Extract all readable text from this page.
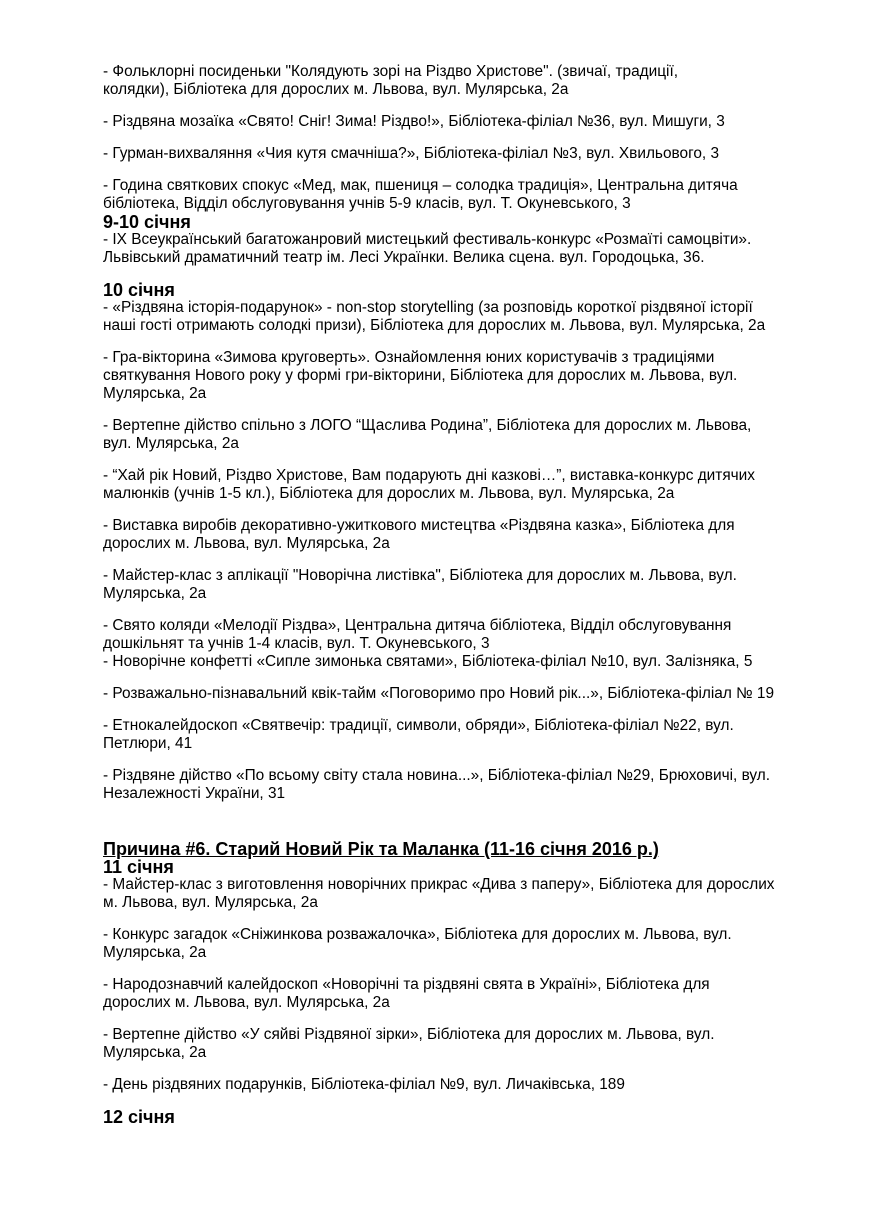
- Фольклорні посиденьки "Колядують зорі на Різдво Христове". (звичаї, традиції,
колядки), Бібліотека для дорослих м. Львова, вул. Мулярська, 2а

- Різдвяна мозаїка «Свято! Сніг! Зима! Різдво!», Бібліотека-філіал №36, вул. Мишуги, 3

- Гурман-вихваляння «Чия кутя смачніша?», Бібліотека-філіал №3, вул. Хвильового, 3

- Година святкових спокус «Мед, мак, пшениця – солодка традиція», Центральна дитяча
бібліотека, Відділ обслуговування учнів 5-9 класів, вул. Т. Окуневського, 3

9-10 січня

- ІХ Всеукраїнський багатожанровий мистецький фестиваль-конкурс «Розмаїті самоцвіти».
Львівський драматичний театр ім. Лесі Українки. Велика сцена. вул. Городоцька, 36.

10 січня

- «Різдвяна історія-подарунок» - non-stop storytelling (за розповідь короткої різдвяної історії
наші гості отримають солодкі призи), Бібліотека для дорослих м. Львова, вул. Мулярська, 2а

- Гра-вікторина «Зимова круговерть». Ознайомлення юних користувачів з традиціями
святкування Нового року у формі гри-вікторини, Бібліотека для дорослих м. Львова, вул.
Мулярська, 2а

- Вертепне дійство спільно з ЛОГО “Щаслива Родина”, Бібліотека для дорослих м. Львова,
вул. Мулярська, 2а

- “Хай рік Новий, Різдво Христове, Вам подарують дні казкові…”, виставка-конкурс дитячих
малюнків (учнів 1-5 кл.), Бібліотека для дорослих м. Львова, вул. Мулярська, 2а

- Виставка виробів декоративно-ужиткового мистецтва «Різдвяна казка», Бібліотека для
дорослих м. Львова, вул. Мулярська, 2а

- Майстер-клас з аплікації "Новорічна листівка", Бібліотека для дорослих м. Львова, вул.
Мулярська, 2а

- Свято коляди «Мелодії Різдва», Центральна дитяча бібліотека, Відділ обслуговування
дошкільнят та учнів 1-4 класів, вул. Т. Окуневського, 3

- Новорічне конфетті «Сипле зимонька святами», Бібліотека-філіал №10, вул. Залізняка, 5

- Розважально-пізнавальний квік-тайм «Поговоримо про Новий рік...», Бібліотека-філіал № 19

- Етнокалейдоскоп «Святвечір: традиції, символи, обряди», Бібліотека-філіал №22, вул.
Петлюри, 41

- Різдвяне дійство «По всьому світу стала новина...», Бібліотека-філіал №29, Брюховичі, вул.
Незалежності України, 31

Причина #6. Старий Новий Рік та Маланка (11-16 січня 2016 р.)
11 січня

- Майстер-клас з виготовлення новорічних прикрас «Дива з паперу», Бібліотека для дорослих
м. Львова, вул. Мулярська, 2а

- Конкурс загадок «Сніжинкова розважалочка», Бібліотека для дорослих м. Львова, вул.
Мулярська, 2а

- Народознавчий калейдоскоп «Новорічні та різдвяні свята в Україні», Бібліотека для
дорослих м. Львова, вул. Мулярська, 2а

- Вертепне дійство «У сяйві Різдвяної зірки», Бібліотека для дорослих м. Львова, вул.
Мулярська, 2а

- День різдвяних подарунків, Бібліотека-філіал №9, вул. Личаківська, 189

12 січня
